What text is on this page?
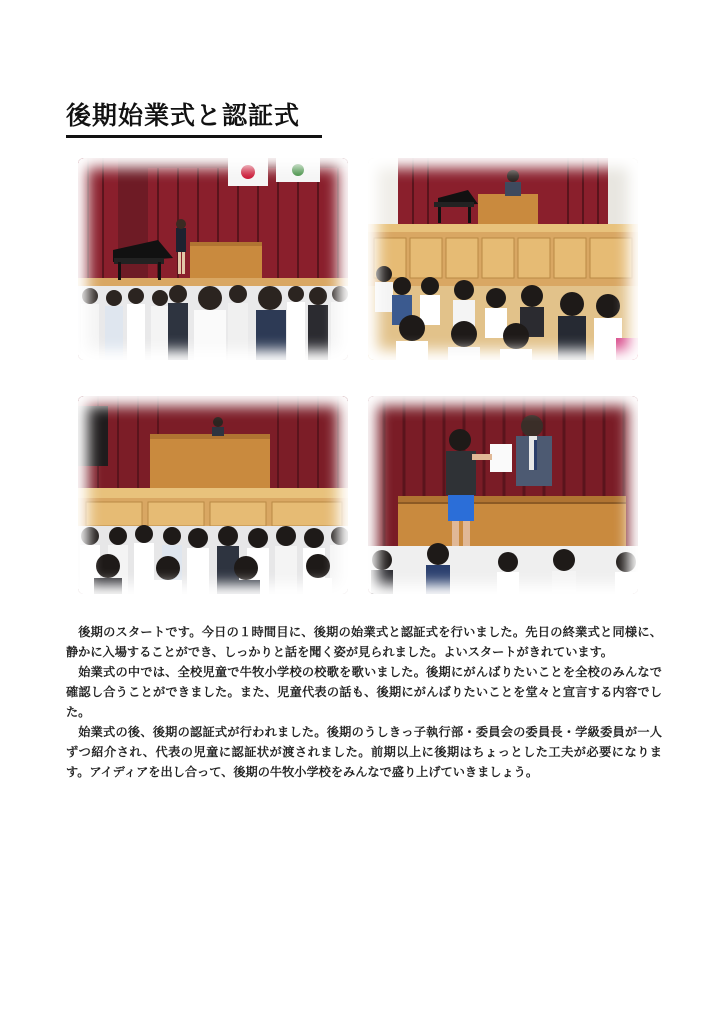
後期始業式と認証式

後期のスタートです。今日の１時間目に、後期の始業式と認証式を行いました。先日の終業式と同様に、静かに入場することができ、しっかりと話を聞く姿が見られました。よいスタートがきれています。

始業式の中では、全校児童で牛牧小学校の校歌を歌いました。後期にがんばりたいことを全校のみんなで確認し合うことができました。また、児童代表の話も、後期にがんばりたいことを堂々と宣言する内容でした。

始業式の後、後期の認証式が行われました。後期のうしきっ子執行部・委員会の委員長・学級委員が一人ずつ紹介され、代表の児童に認証状が渡されました。前期以上に後期はちょっとした工夫が必要になります。アイディアを出し合って、後期の牛牧小学校をみんなで盛り上げていきましょう。
